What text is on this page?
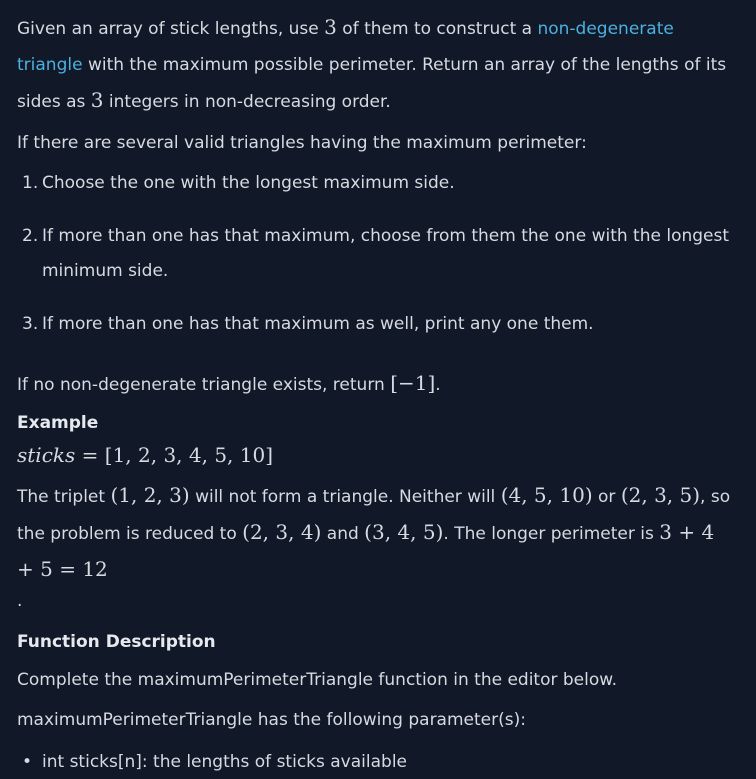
Given an array of stick lengths, use 3 of them to construct a non-degenerate triangle with the maximum possible perimeter. Return an array of the lengths of its sides as 3 integers in non-decreasing order.

If there are several valid triangles having the maximum perimeter:

1. Choose the one with the longest maximum side.
2. If more than one has that maximum, choose from them the one with the longest minimum side.
3. If more than one has that maximum as well, print any one them.

If no non-degenerate triangle exists, return [−1].

Example

sticks = [1, 2, 3, 4, 5, 10]

The triplet (1, 2, 3) will not form a triangle. Neither will (4, 5, 10) or (2, 3, 5), so the problem is reduced to (2, 3, 4) and (3, 4, 5). The longer perimeter is 3 + 4 + 5 = 12

.

Function Description

Complete the maximumPerimeterTriangle function in the editor below.

maximumPerimeterTriangle has the following parameter(s):

• int sticks[n]: the lengths of sticks available
